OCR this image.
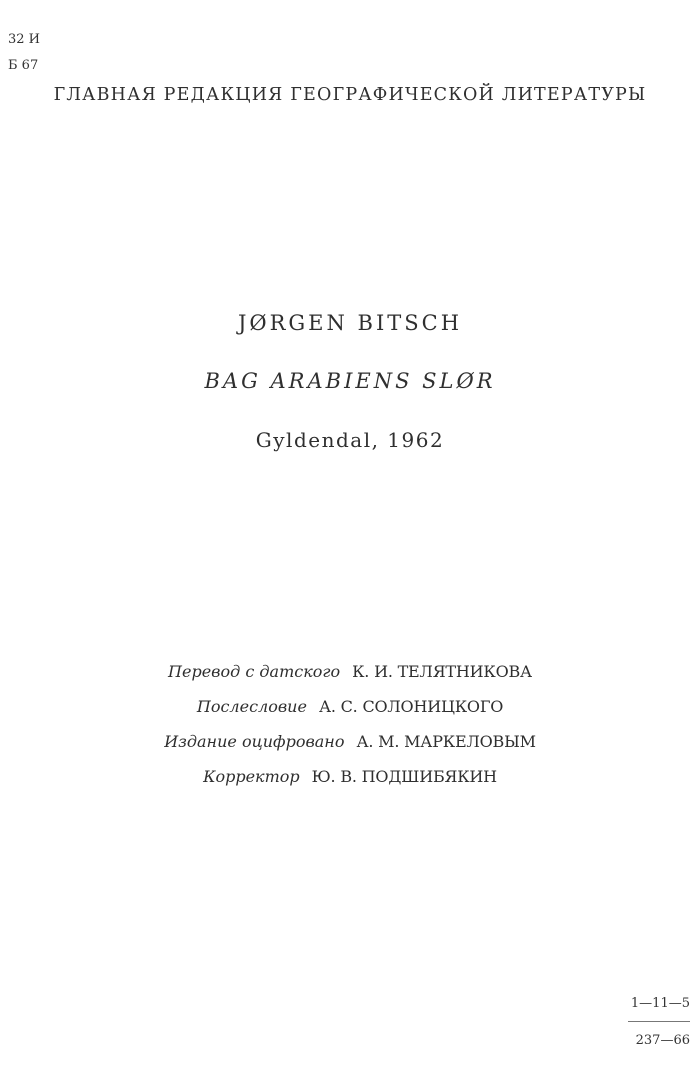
32 И
Б 67
ГЛАВНАЯ РЕДАКЦИЯ ГЕОГРАФИЧЕСКОЙ ЛИТЕРАТУРЫ
JØRGEN BITSCH
BAG ARABIENS SLØR
Gyldendal, 1962
Перевод с датского К. И. ТЕЛЯТНИКОВА
Послесловие А. С. СОЛОНИЦКОГО
Издание оцифровано А. М. МАРКЕЛОВЫМ
Корректор Ю. В. ПОДШИБЯКИН
1—11—5
237—66
